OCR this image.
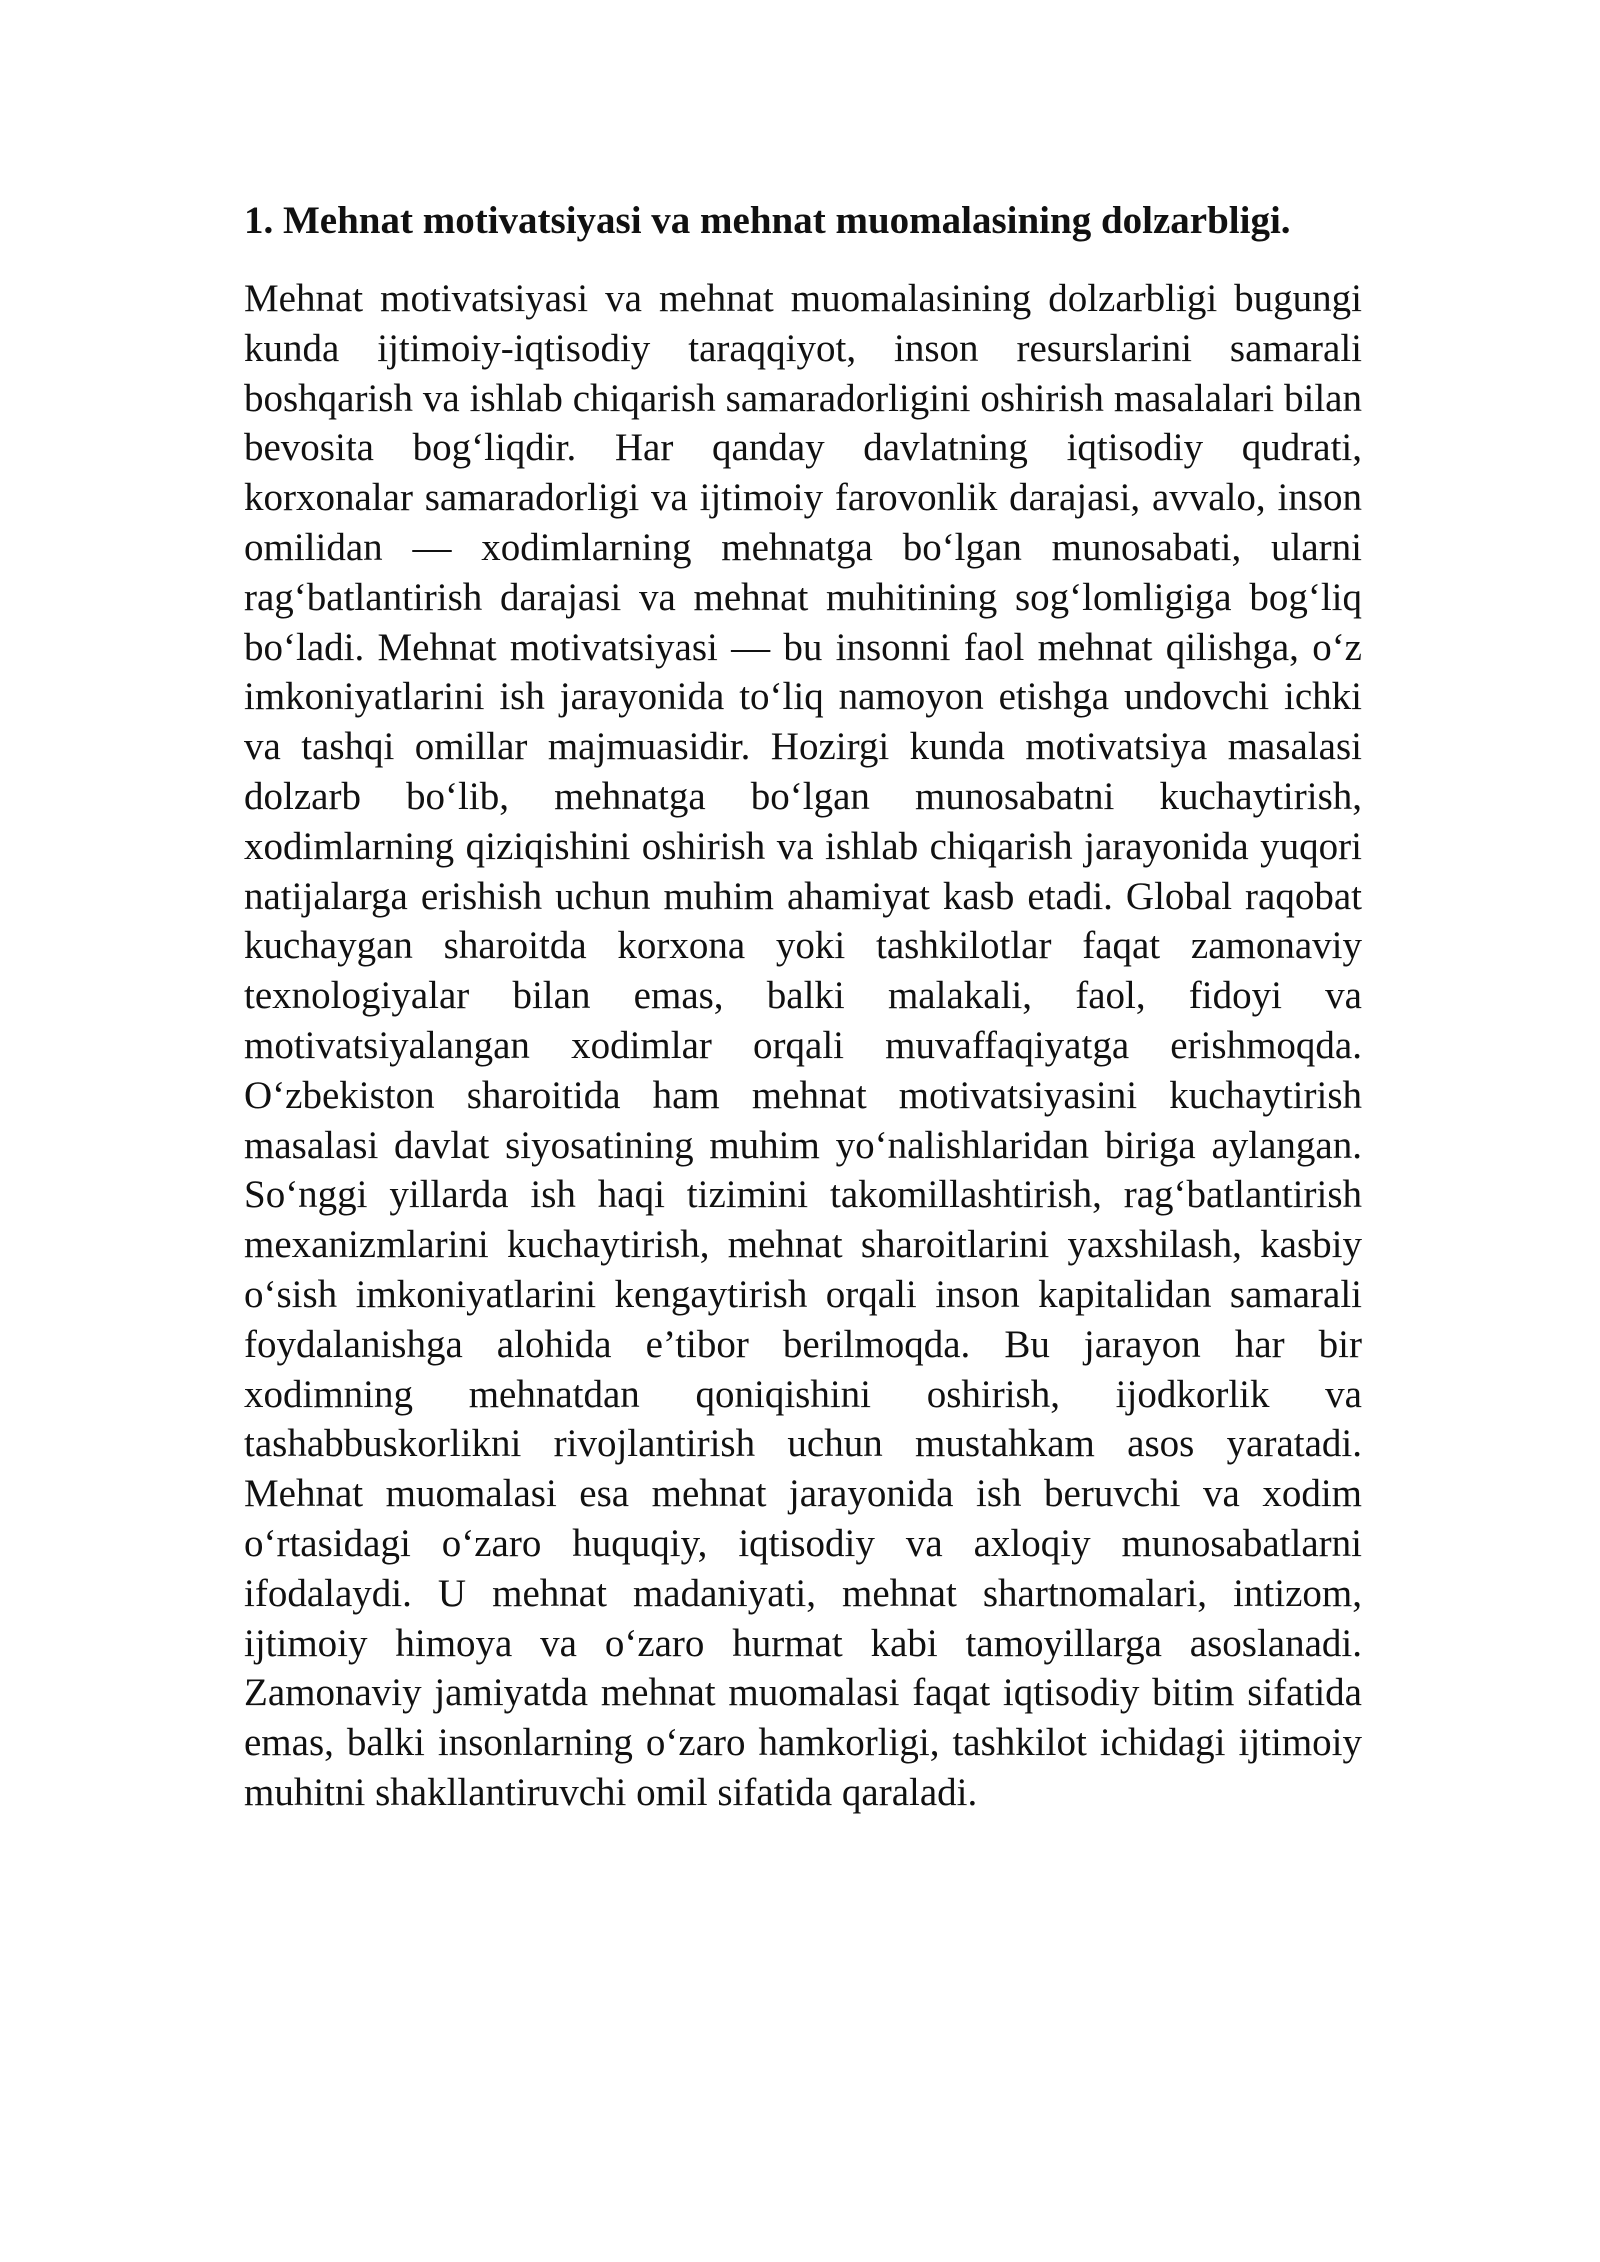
1. Mehnat motivatsiyasi va mehnat muomalasining dolzarbligi.

Mehnat motivatsiyasi va mehnat muomalasining dolzarbligi bugungi kunda ijtimoiy-iqtisodiy taraqqiyot, inson resurslarini samarali boshqarish va ishlab chiqarish samaradorligini oshirish masalalari bilan bevosita bog‘liqdir. Har qanday davlatning iqtisodiy qudrati, korxonalar samaradorligi va ijtimoiy farovonlik darajasi, avvalo, inson omilidan — xodimlarning mehnatga bo‘lgan munosabati, ularni rag‘batlantirish darajasi va mehnat muhitining sog‘lomligiga bog‘liq bo‘ladi. Mehnat motivatsiyasi — bu insonni faol mehnat qilishga, o‘z imkoniyatlarini ish jarayonida to‘liq namoyon etishga undovchi ichki va tashqi omillar majmuasidir. Hozirgi kunda motivatsiya masalasi dolzarb bo‘lib, mehnatga bo‘lgan munosabatni kuchaytirish, xodimlarning qiziqishini oshirish va ishlab chiqarish jarayonida yuqori natijalarga erishish uchun muhim ahamiyat kasb etadi. Global raqobat kuchaygan sharoitda korxona yoki tashkilotlar faqat zamonaviy texnologiyalar bilan emas, balki malakali, faol, fidoyi va motivatsiyalangan xodimlar orqali muvaffaqiyatga erishmoqda. O‘zbekiston sharoitida ham mehnat motivatsiyasini kuchaytirish masalasi davlat siyosatining muhim yo‘nalishlaridan biriga aylangan. So‘nggi yillarda ish haqi tizimini takomillashtirish, rag‘batlantirish mexanizmlarini kuchaytirish, mehnat sharoitlarini yaxshilash, kasbiy o‘sish imkoniyatlarini kengaytirish orqali inson kapitalidan samarali foydalanishga alohida e’tibor berilmoqda. Bu jarayon har bir xodimning mehnatdan qoniqishini oshirish, ijodkorlik va tashabbuskorlikni rivojlantirish uchun mustahkam asos yaratadi. Mehnat muomalasi esa mehnat jarayonida ish beruvchi va xodim o‘rtasidagi o‘zaro huquqiy, iqtisodiy va axloqiy munosabatlarni ifodalaydi. U mehnat madaniyati, mehnat shartnomalari, intizom, ijtimoiy himoya va o‘zaro hurmat kabi tamoyillarga asoslanadi. Zamonaviy jamiyatda mehnat muomalasi faqat iqtisodiy bitim sifatida emas, balki insonlarning o‘zaro hamkorligi, tashkilot ichidagi ijtimoiy muhitni shakllantiruvchi omil sifatida qaraladi.
